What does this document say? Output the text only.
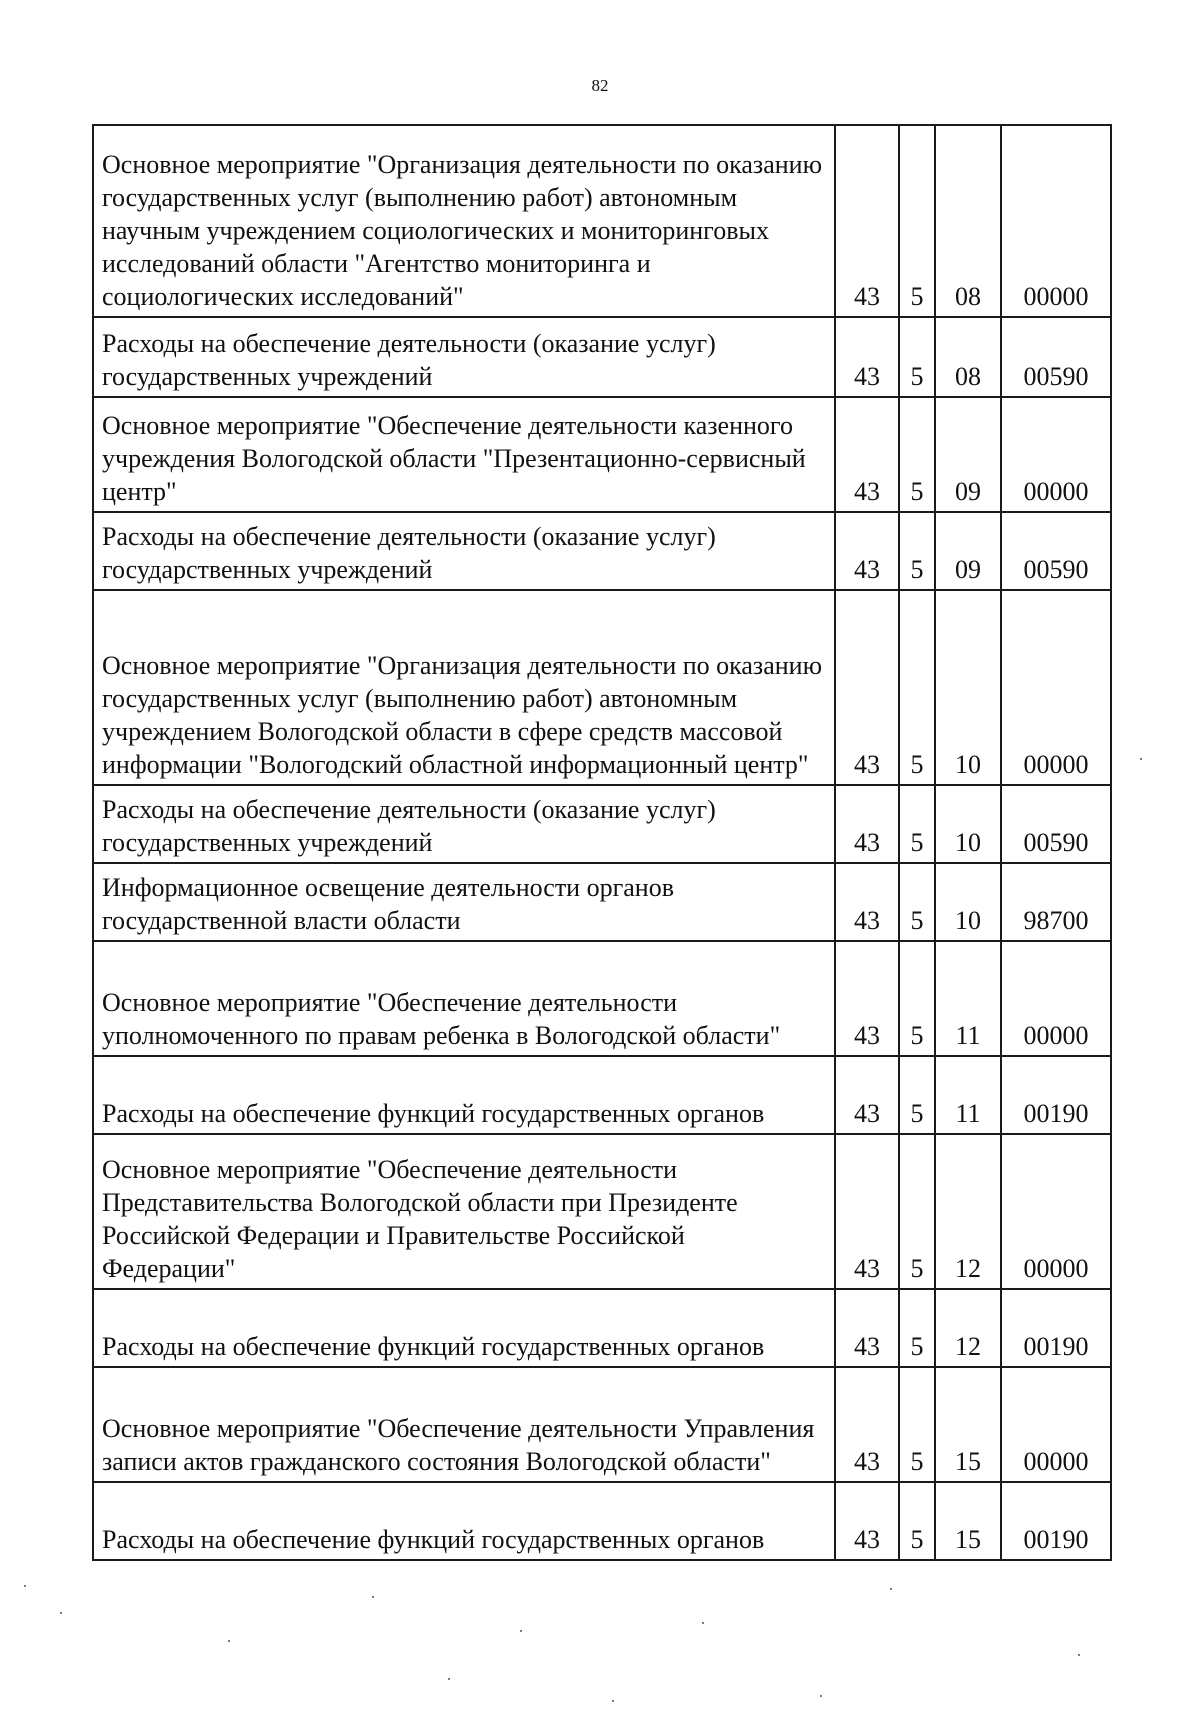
82
Основное мероприятие "Организация деятельности по оказанию государственных услуг (выполнению работ) автономным научным учреждением социологических и мониторинговых исследований области "Агентство мониторинга и социологических исследований"	43	5	08	00000
Расходы на обеспечение деятельности (оказание услуг) государственных учреждений	43	5	08	00590
Основное мероприятие "Обеспечение деятельности казенного учреждения Вологодской области "Презентационно-сервисный центр"	43	5	09	00000
Расходы на обеспечение деятельности (оказание услуг) государственных учреждений	43	5	09	00590
Основное мероприятие "Организация деятельности по оказанию государственных услуг (выполнению работ) автономным учреждением Вологодской области в сфере средств массовой информации "Вологодский областной информационный центр"	43	5	10	00000
Расходы на обеспечение деятельности (оказание услуг) государственных учреждений	43	5	10	00590
Информационное освещение деятельности органов государственной власти области	43	5	10	98700
Основное мероприятие "Обеспечение деятельности уполномоченного по правам ребенка в Вологодской области"	43	5	11	00000
Расходы на обеспечение функций государственных органов	43	5	11	00190
Основное мероприятие "Обеспечение деятельности Представительства Вологодской области при Президенте Российской Федерации и Правительстве Российской Федерации"	43	5	12	00000
Расходы на обеспечение функций государственных органов	43	5	12	00190
Основное мероприятие "Обеспечение деятельности Управления записи актов гражданского состояния Вологодской области"	43	5	15	00000
Расходы на обеспечение функций государственных органов	43	5	15	00190
